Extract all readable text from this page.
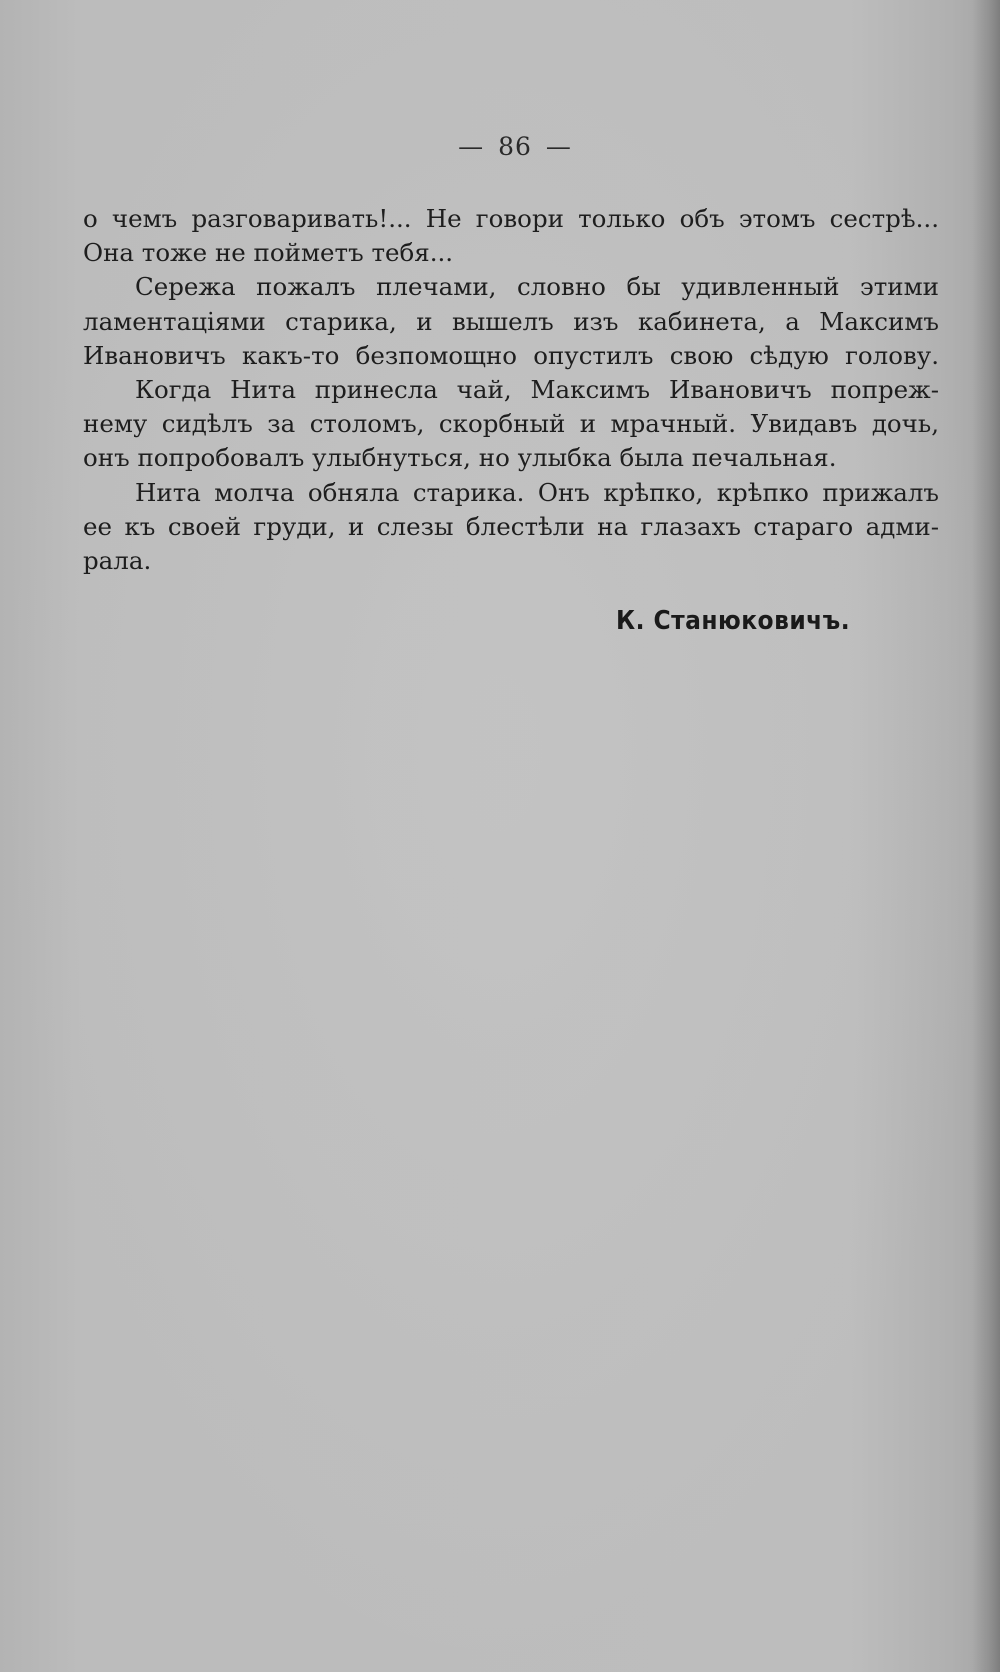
— 86 —
о чемъ разговаривать!... Не говори только объ этомъ сестрѣ...
Она тоже не пойметъ тебя...
Сережа пожалъ плечами, словно бы удивленный этими
ламентаціями старика, и вышелъ изъ кабинета, а Максимъ
Ивановичъ какъ-то безпомощно опустилъ свою сѣдую голову.
Когда Нита принесла чай, Максимъ Ивановичъ попреж-
нему сидѣлъ за столомъ, скорбный и мрачный. Увидавъ дочь,
онъ попробовалъ улыбнуться, но улыбка была печальная.
Нита молча обняла старика. Онъ крѣпко, крѣпко прижалъ
ее къ своей груди, и слезы блестѣли на глазахъ стараго адми-
рала.
К. Станюковичъ.
